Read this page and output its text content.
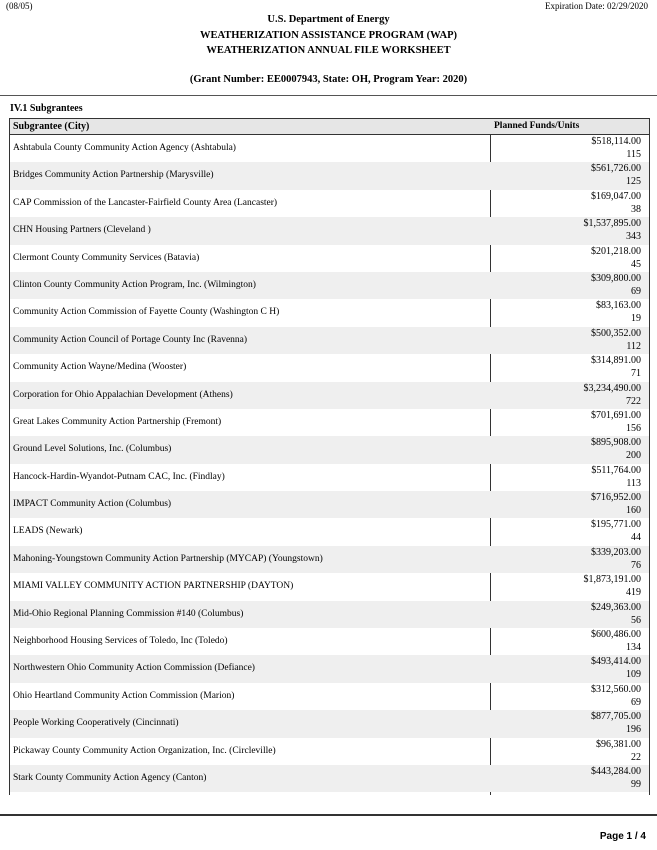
(08/05)	Expiration Date: 02/29/2020
U.S. Department of Energy
WEATHERIZATION ASSISTANCE PROGRAM (WAP)
WEATHERIZATION ANNUAL FILE WORKSHEET
(Grant Number: EE0007943, State: OH, Program Year: 2020)
IV.1 Subgrantees
Subgrantee (City)	Planned Funds/Units
Ashtabula County Community Action Agency (Ashtabula)
$518,114.00
115
Bridges Community Action Partnership (Marysville)
$561,726.00
125
CAP Commission of the Lancaster-Fairfield County Area (Lancaster)
$169,047.00
38
CHN Housing Partners (Cleveland )
$1,537,895.00
343
Clermont County Community Services (Batavia)
$201,218.00
45
Clinton County Community Action Program, Inc. (Wilmington)
$309,800.00
69
Community Action Commission of Fayette County (Washington C H)
$83,163.00
19
Community Action Council of Portage County Inc (Ravenna)
$500,352.00
112
Community Action Wayne/Medina (Wooster)
$314,891.00
71
Corporation for Ohio Appalachian Development (Athens)
$3,234,490.00
722
Great Lakes Community Action Partnership (Fremont)
$701,691.00
156
Ground Level Solutions, Inc. (Columbus)
$895,908.00
200
Hancock-Hardin-Wyandot-Putnam CAC, Inc. (Findlay)
$511,764.00
113
IMPACT Community Action (Columbus)
$716,952.00
160
LEADS (Newark)
$195,771.00
44
Mahoning-Youngstown Community Action Partnership (MYCAP) (Youngstown)
$339,203.00
76
MIAMI VALLEY COMMUNITY ACTION PARTNERSHIP (DAYTON)
$1,873,191.00
419
Mid-Ohio Regional Planning Commission #140 (Columbus)
$249,363.00
56
Neighborhood Housing Services of Toledo, Inc (Toledo)
$600,486.00
134
Northwestern Ohio Community Action Commission (Defiance)
$493,414.00
109
Ohio Heartland Community Action Commission (Marion)
$312,560.00
69
People Working Cooperatively (Cincinnati)
$877,705.00
196
Pickaway County Community Action Organization, Inc. (Circleville)
$96,381.00
22
Stark County Community Action Agency (Canton)
$443,284.00
99
Page 1 / 4
